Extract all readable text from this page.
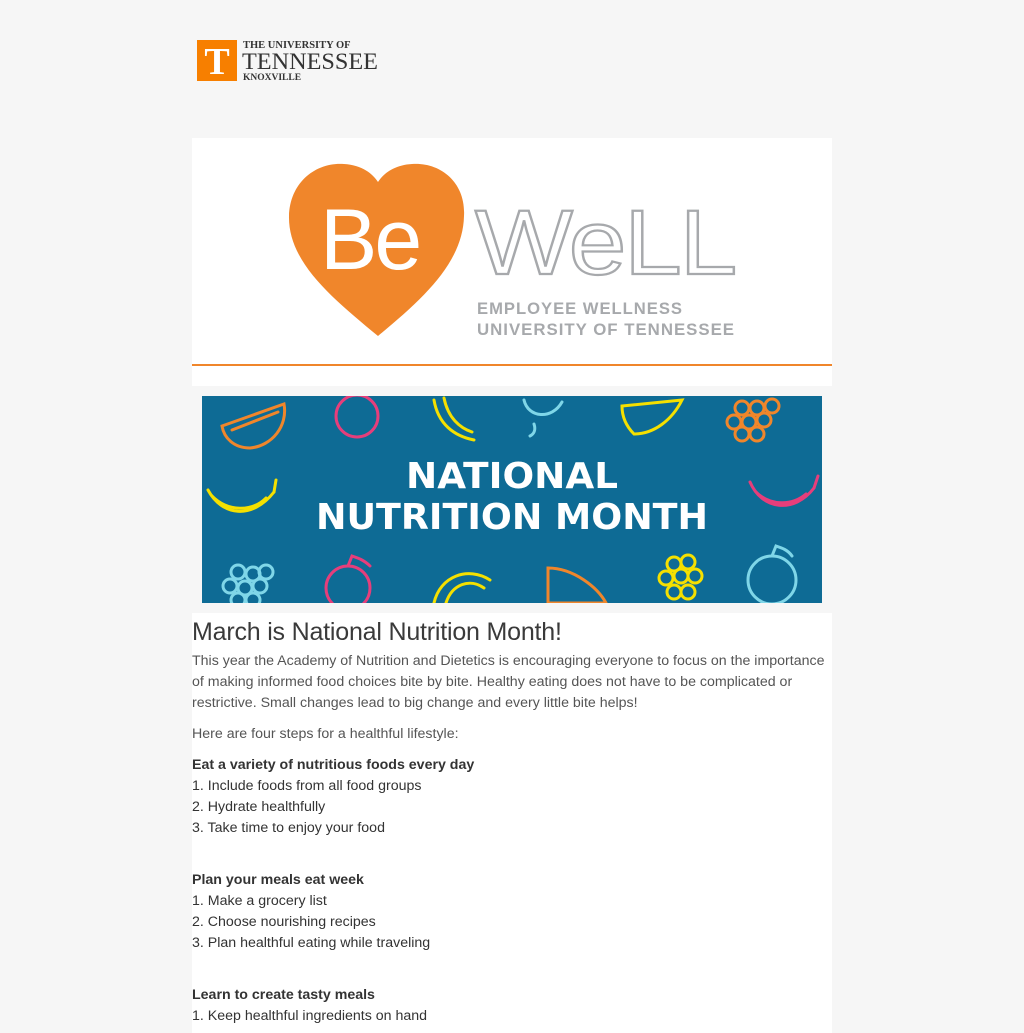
T THE UNIVERSITY OF
TENNESSEE
KNOXVILLE
Be WeLL
EMPLOYEE WELLNESS
UNIVERSITY OF TENNESSEE
NATIONAL
NUTRITION MONTH
March is National Nutrition Month!

This year the Academy of Nutrition and Dietetics is encouraging everyone to focus on the importance of making informed food choices bite by bite. Healthy eating does not have to be complicated or restrictive. Small changes lead to big change and every little bite helps!

Here are four steps for a healthful lifestyle:

Eat a variety of nutritious foods every day

1. Include foods from all food groups

2. Hydrate healthfully

3. Take time to enjoy your food

Plan your meals eat week

1. Make a grocery list

2. Choose nourishing recipes

3. Plan healthful eating while traveling

Learn to create tasty meals

1. Keep healthful ingredients on hand
